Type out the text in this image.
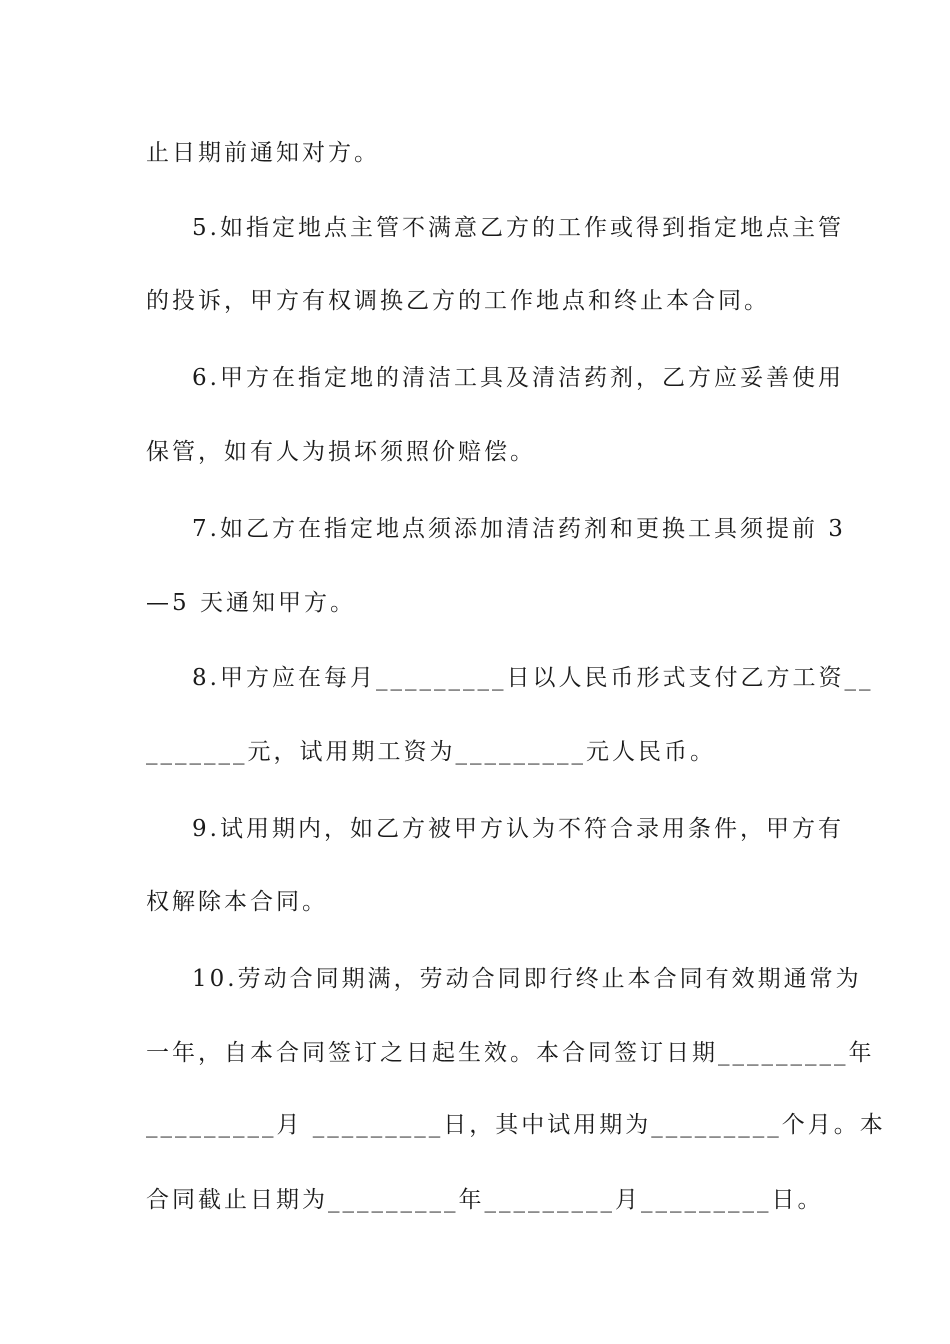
止日期前通知对方。
5.如指定地点主管不满意乙方的工作或得到指定地点主管
的投诉，甲方有权调换乙方的工作地点和终止本合同。
6.甲方在指定地的清洁工具及清洁药剂，乙方应妥善使用
保管，如有人为损坏须照价赔偿。
7.如乙方在指定地点须添加清洁药剂和更换工具须提前 3
—5 天通知甲方。
8.甲方应在每月_________日以人民币形式支付乙方工资__
_______元，试用期工资为_________元人民币。
9.试用期内，如乙方被甲方认为不符合录用条件，甲方有
权解除本合同。
10.劳动合同期满，劳动合同即行终止本合同有效期通常为
一年，自本合同签订之日起生效。本合同签订日期_________年
_________月 _________日，其中试用期为_________个月。本
合同截止日期为_________年_________月_________日。
